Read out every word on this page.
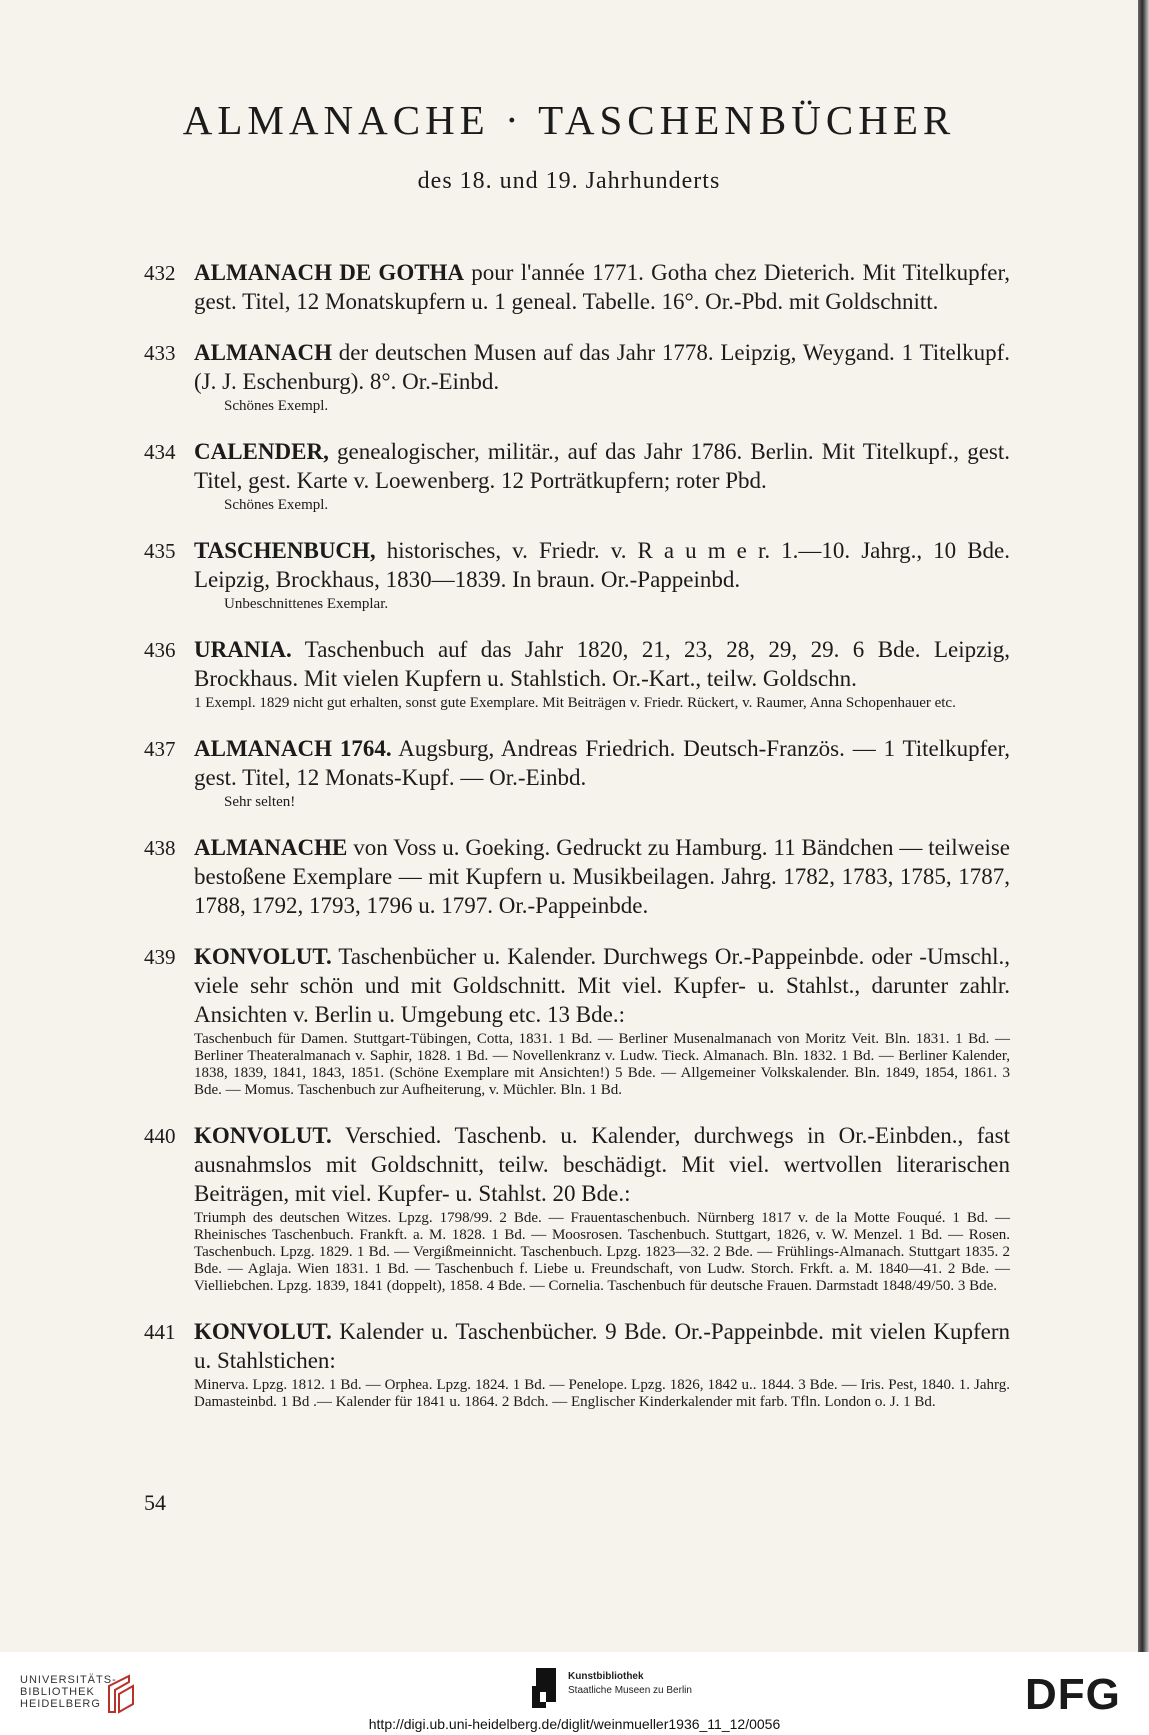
ALMANACHE · TASCHENBÜCHER
des 18. und 19. Jahrhunderts
432 ALMANACH DE GOTHA pour l'année 1771. Gotha chez Dieterich. Mit Titelkupfer, gest. Titel, 12 Monatskupfern u. 1 geneal. Tabelle. 16°. Or.-Pbd. mit Goldschnitt.
433 ALMANACH der deutschen Musen auf das Jahr 1778. Leipzig, Weygand. 1 Titelkupf. (J. J. Eschenburg). 8°. Or.-Einbd.
Schönes Exempl.
434 CALENDER, genealogischer, militär., auf das Jahr 1786. Berlin. Mit Titelkupf., gest. Titel, gest. Karte v. Loewenberg. 12 Porträtkupfern; roter Pbd.
Schönes Exempl.
435 TASCHENBUCH, historisches, v. Friedr. v. R a u m e r. 1.—10. Jahrg., 10 Bde. Leipzig, Brockhaus, 1830—1839. In braun. Or.-Pappeinbd.
Unbeschnittenes Exemplar.
436 URANIA. Taschenbuch auf das Jahr 1820, 21, 23, 28, 29, 29. 6 Bde. Leipzig, Brockhaus. Mit vielen Kupfern u. Stahlstich. Or.-Kart., teilw. Goldschn.
1 Exempl. 1829 nicht gut erhalten, sonst gute Exemplare. Mit Beiträgen v. Friedr. Rückert, v. Raumer, Anna Schopenhauer etc.
437 ALMANACH 1764. Augsburg, Andreas Friedrich. Deutsch-Französ. — 1 Titelkupfer, gest. Titel, 12 Monats-Kupf. — Or.-Einbd.
Sehr selten!
438 ALMANACHE von Voss u. Goeking. Gedruckt zu Hamburg. 11 Bändchen — teilweise bestoßene Exemplare — mit Kupfern u. Musikbeilagen. Jahrg. 1782, 1783, 1785, 1787, 1788, 1792, 1793, 1796 u. 1797. Or.-Pappeinbde.
439 KONVOLUT. Taschenbücher u. Kalender. Durchwegs Or.-Pappeinbde. oder -Umschl., viele sehr schön und mit Goldschnitt. Mit viel. Kupfer- u. Stahlst., darunter zahlr. Ansichten v. Berlin u. Umgebung etc. 13 Bde.:
Taschenbuch für Damen. Stuttgart-Tübingen, Cotta, 1831. 1 Bd. — Berliner Musenalmanach von Moritz Veit. Bln. 1831. 1 Bd. — Berliner Theateralmanach v. Saphir, 1828. 1 Bd. — Novellenkranz v. Ludw. Tieck. Almanach. Bln. 1832. 1 Bd. — Berliner Kalender, 1838, 1839, 1841, 1843, 1851. (Schöne Exemplare mit Ansichten!) 5 Bde. — Allgemeiner Volkskalender. Bln. 1849, 1854, 1861. 3 Bde. — Momus. Taschenbuch zur Aufheiterung, v. Müchler. Bln. 1 Bd.
440 KONVOLUT. Verschied. Taschenb. u. Kalender, durchwegs in Or.-Einbden., fast ausnahmslos mit Goldschnitt, teilw. beschädigt. Mit viel. wertvollen literarischen Beiträgen, mit viel. Kupfer- u. Stahlst. 20 Bde.:
Triumph des deutschen Witzes. Lpzg. 1798/99. 2 Bde. — Frauentaschenbuch. Nürnberg 1817 v. de la Motte Fouqué. 1 Bd. — Rheinisches Taschenbuch. Frankft. a. M. 1828. 1 Bd. — Moosrosen. Taschenbuch. Stuttgart, 1826, v. W. Menzel. 1 Bd. — Rosen. Taschenbuch. Lpzg. 1829. 1 Bd. — Vergißmeinnicht. Taschenbuch. Lpzg. 1823—32. 2 Bde. — Frühlings-Almanach. Stuttgart 1835. 2 Bde. — Aglaja. Wien 1831. 1 Bd. — Taschenbuch f. Liebe u. Freundschaft, von Ludw. Storch. Frkft. a. M. 1840—41. 2 Bde. — Vielliebchen. Lpzg. 1839, 1841 (doppelt), 1858. 4 Bde. — Cornelia. Taschenbuch für deutsche Frauen. Darmstadt 1848/49/50. 3 Bde.
441 KONVOLUT. Kalender u. Taschenbücher. 9 Bde. Or.-Pappeinbde. mit vielen Kupfern u. Stahlstichen:
Minerva. Lpzg. 1812. 1 Bd. — Orphea. Lpzg. 1824. 1 Bd. — Penelope. Lpzg. 1826, 1842 u.. 1844. 3 Bde. — Iris. Pest, 1840. 1. Jahrg. Damasteinbd. 1 Bd .— Kalender für 1841 u. 1864. 2 Bdch. — Englischer Kinderkalender mit farb. Tfln. London o. J. 1 Bd.
54
UNIVERSITÄTS-
BIBLIOTHEK
HEIDELBERG
Kunstbibliothek
Staatliche Museen zu Berlin	DFG
http://digi.ub.uni-heidelberg.de/diglit/weinmueller1936_11_12/0056
